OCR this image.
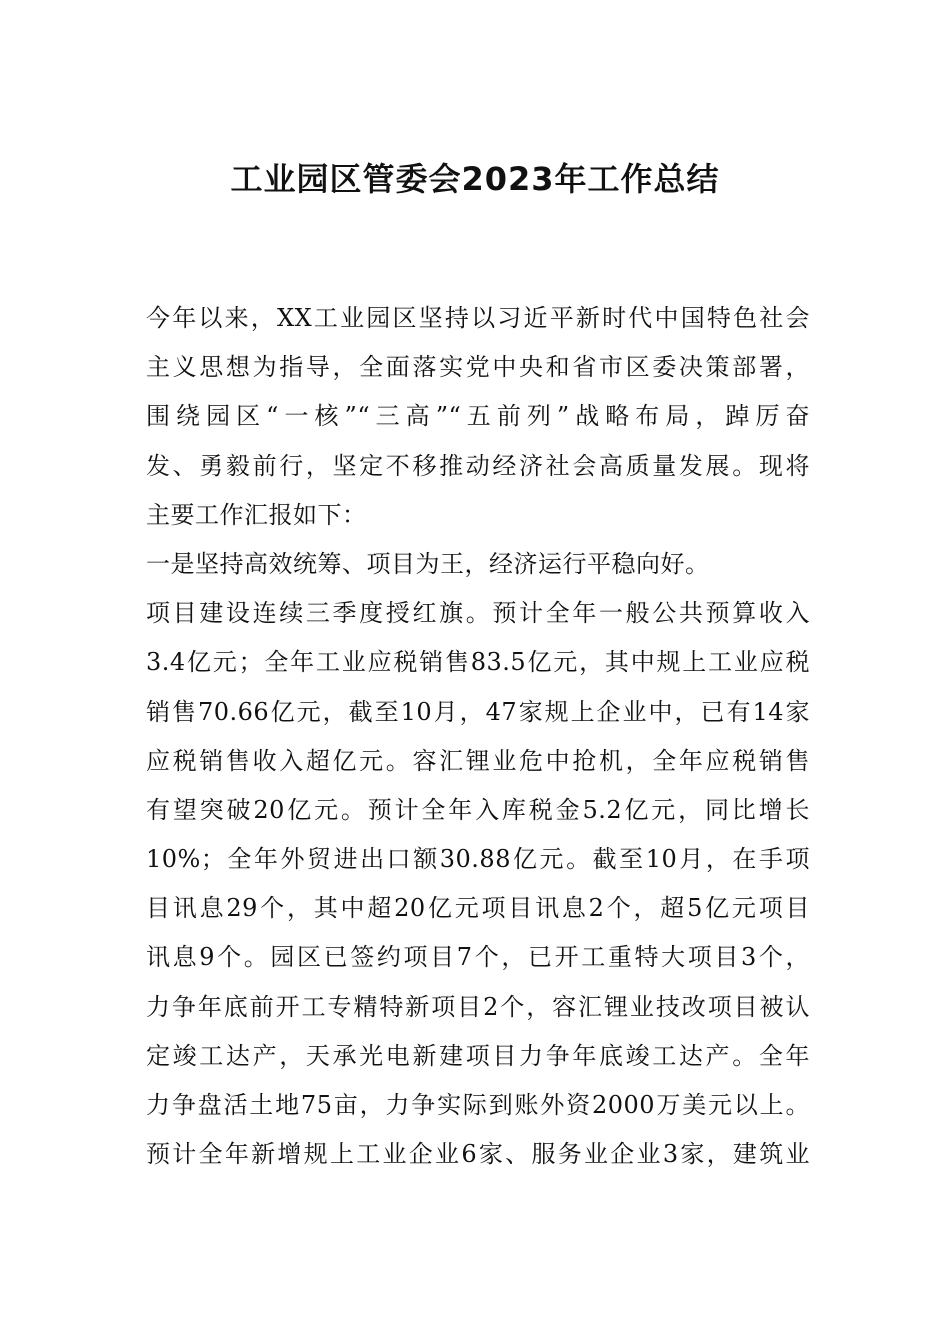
工业园区管委会2023年工作总结
今年以来，XX工业园区坚持以习近平新时代中国特色社会
主义思想为指导，全面落实党中央和省市区委决策部署，
围绕园区“一核”“三高”“五前列”战略布局，踔厉奋
发、勇毅前行，坚定不移推动经济社会高质量发展。现将
主要工作汇报如下：
一是坚持高效统筹、项目为王，经济运行平稳向好。
项目建设连续三季度授红旗。预计全年一般公共预算收入
3.4亿元；全年工业应税销售83.5亿元，其中规上工业应税
销售70.66亿元，截至10月，47家规上企业中，已有14家
应税销售收入超亿元。容汇锂业危中抢机，全年应税销售
有望突破20亿元。预计全年入库税金5.2亿元，同比增长
10%；全年外贸进出口额30.88亿元。截至10月，在手项
目讯息29个，其中超20亿元项目讯息2个，超5亿元项目
讯息9个。园区已签约项目7个，已开工重特大项目3个，
力争年底前开工专精特新项目2个，容汇锂业技改项目被认
定竣工达产，天承光电新建项目力争年底竣工达产。全年
力争盘活土地75亩，力争实际到账外资2000万美元以上。
预计全年新增规上工业企业6家、服务业企业3家，建筑业
